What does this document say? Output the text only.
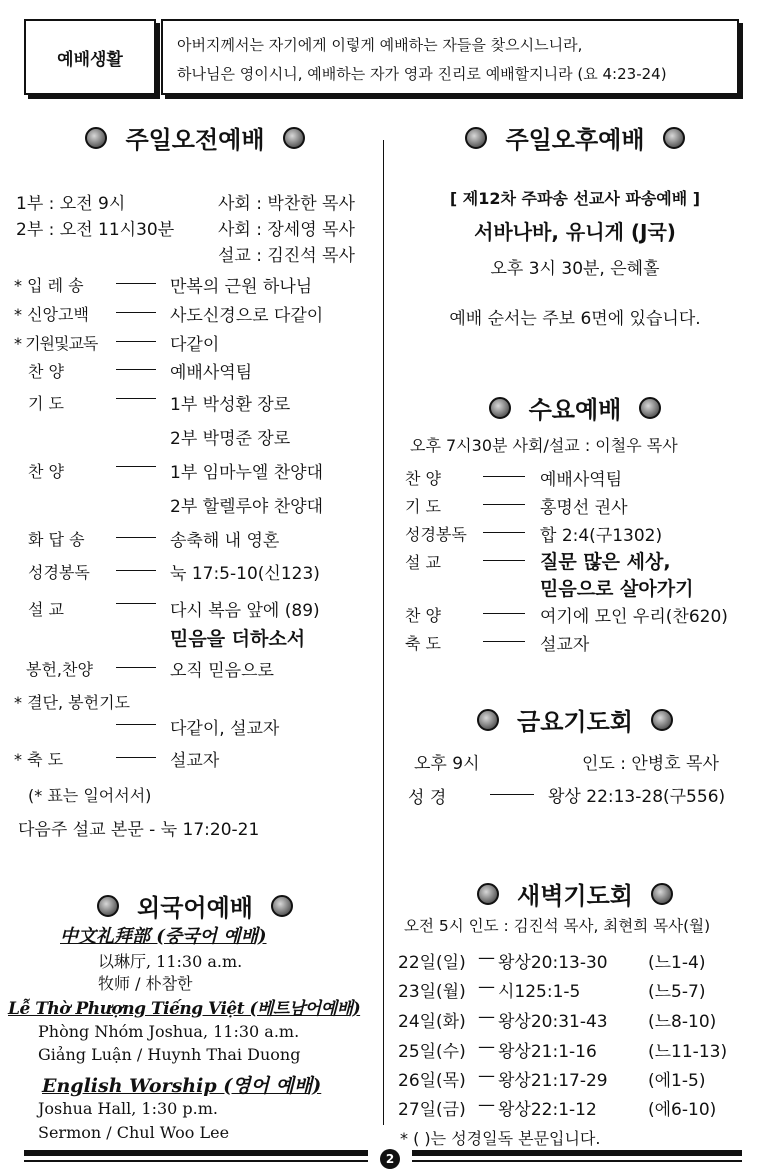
예배생활
아버지께서는 자기에게 이렇게 예배하는 자들을 찾으시느니라,
하나님은 영이시니, 예배하는 자가 영과 진리로 예배할지니라 (요 4:23-24)
주일오전예배
1부 : 오전 9시	사회 : 박찬한 목사
2부 : 오전 11시30분	사회 : 장세영 목사
설교 : 김진석 목사
* 입 레 송	만복의 근원 하나님
* 신앙고백	사도신경으로 다같이
* 기원및교독	다같이
찬 양	예배사역팀
기 도	1부 박성환 장로
2부 박명준 장로
찬 양	1부 임마누엘 찬양대
2부 할렐루야 찬양대
화 답 송	송축해 내 영혼
성경봉독	눅 17:5-10(신123)
설 교	다시 복음 앞에 (89)
믿음을 더하소서
봉헌,찬양	오직 믿음으로
* 결단, 봉헌기도
다같이, 설교자
* 축 도	설교자
(* 표는 일어서서)
다음주 설교 본문 - 눅 17:20-21
외국어예배
中文礼拜部 (중국어 예배)
以琳厅, 11:30 a.m.
牧师 / 朴참한
Lễ Thờ Phượng Tiếng Việt (베트남어예배)
Phòng Nhóm Joshua, 11:30 a.m.
Giảng Luận / Huynh Thai Duong
English Worship (영어 예배)
Joshua Hall, 1:30 p.m.
Sermon / Chul Woo Lee
주일오후예배
[ 제12차 주파송 선교사 파송예배 ]
서바나바, 유니게 (J국)
오후 3시 30분, 은혜홀
예배 순서는 주보 6면에 있습니다.
수요예배
오후 7시30분 사회/설교 : 이철우 목사
찬 양	예배사역팀
기 도	홍명선 권사
성경봉독	합 2:4(구1302)
설 교	질문 많은 세상,
믿음으로 살아가기
찬 양	여기에 모인 우리(찬620)
축 도	설교자
금요기도회
오후 9시	인도 : 안병호 목사
성 경	왕상 22:13-28(구556)
새벽기도회
오전 5시 인도 : 김진석 목사, 최현희 목사(월)
22일(일) — 왕상20:13-30 (느1-4)
23일(월) — 시125:1-5	(느5-7)
24일(화) — 왕상20:31-43 (느8-10)
25일(수) — 왕상21:1-16	(느11-13)
26일(목) — 왕상21:17-29 (에1-5)
27일(금) — 왕상22:1-12	(에6-10)
* ( )는 성경일독 본문입니다.
2
